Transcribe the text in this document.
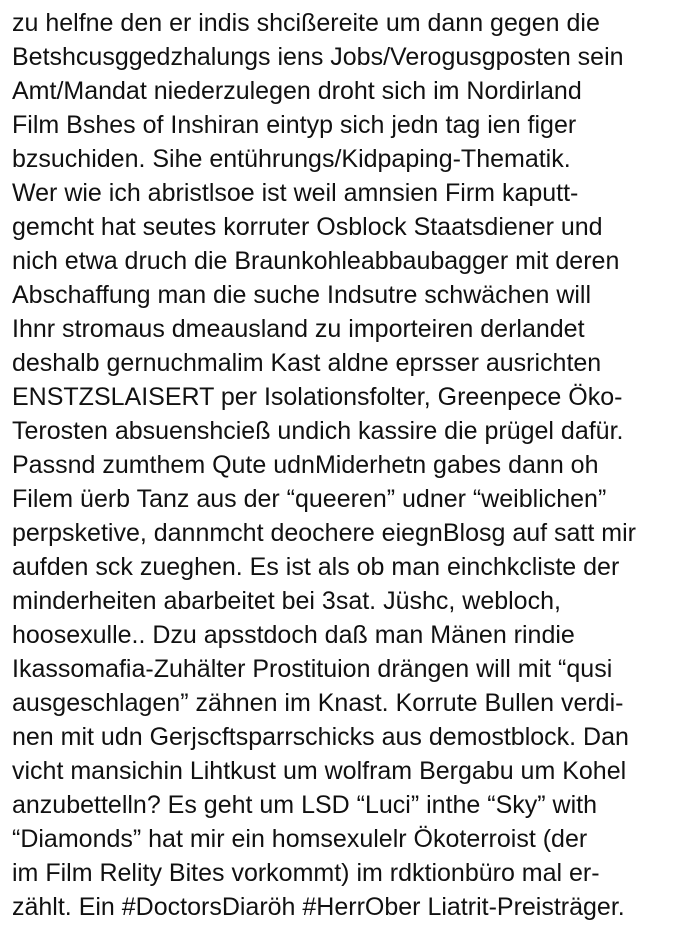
zu helfne den er indis shcißereite um dann gegen die
Betshcusggedzhalungs iens Jobs/Verogusgposten sein
Amt/Mandat niederzulegen droht sich im Nordirland
Film Bshes of Inshiran eintyp sich jedn tag ien figer
bzsuchiden. Sihe entührungs/Kidpaping-Thematik.
Wer wie ich abristlsoe ist weil amnsien Firm kaputt-
gemcht hat seutes korruter Osblock Staatsdiener und
nich etwa druch die Braunkohleabbaubagger mit deren
Abschaffung man die suche Indsutre schwächen will
Ihnr stromaus dmeausland zu importeiren derlandet
deshalb gernuchmalim Kast aldne eprsser ausrichten
ENSTZSLAISERT per Isolationsfolter, Greenpece Öko-
Terosten absuenshcieß undich kassire die prügel dafür.
Passnd zumthem Qute udnMiderhetn gabes dann oh
Filem üerb Tanz aus der “queeren” udner “weiblichen”
perpsketive, dannmcht deochere eiegnBlosg auf satt mir
aufden sck zueghen. Es ist als ob man einchkcliste der
minderheiten abarbeitet bei 3sat. Jüshc, webloch,
hoosexulle.. Dzu apsstdoch daß man Mänen rindie
Ikassomafia-Zuhälter Prostituion drängen will mit “qusi
ausgeschlagen” zähnen im Knast. Korrute Bullen verdi-
nen mit udn Gerjscftsparrschicks aus demostblock. Dan
vicht mansichin Lihtkust um wolfram Bergabu um Kohel
anzubettelln? Es geht um LSD “Luci” inthe “Sky” with
“Diamonds” hat mir ein homsexulelr Ökoterroist (der
im Film Relity Bites vorkommt) im rdktionbüro mal er-
zählt. Ein #DoctorsDiaröh #HerrOber Liatrit-Preisträger.
